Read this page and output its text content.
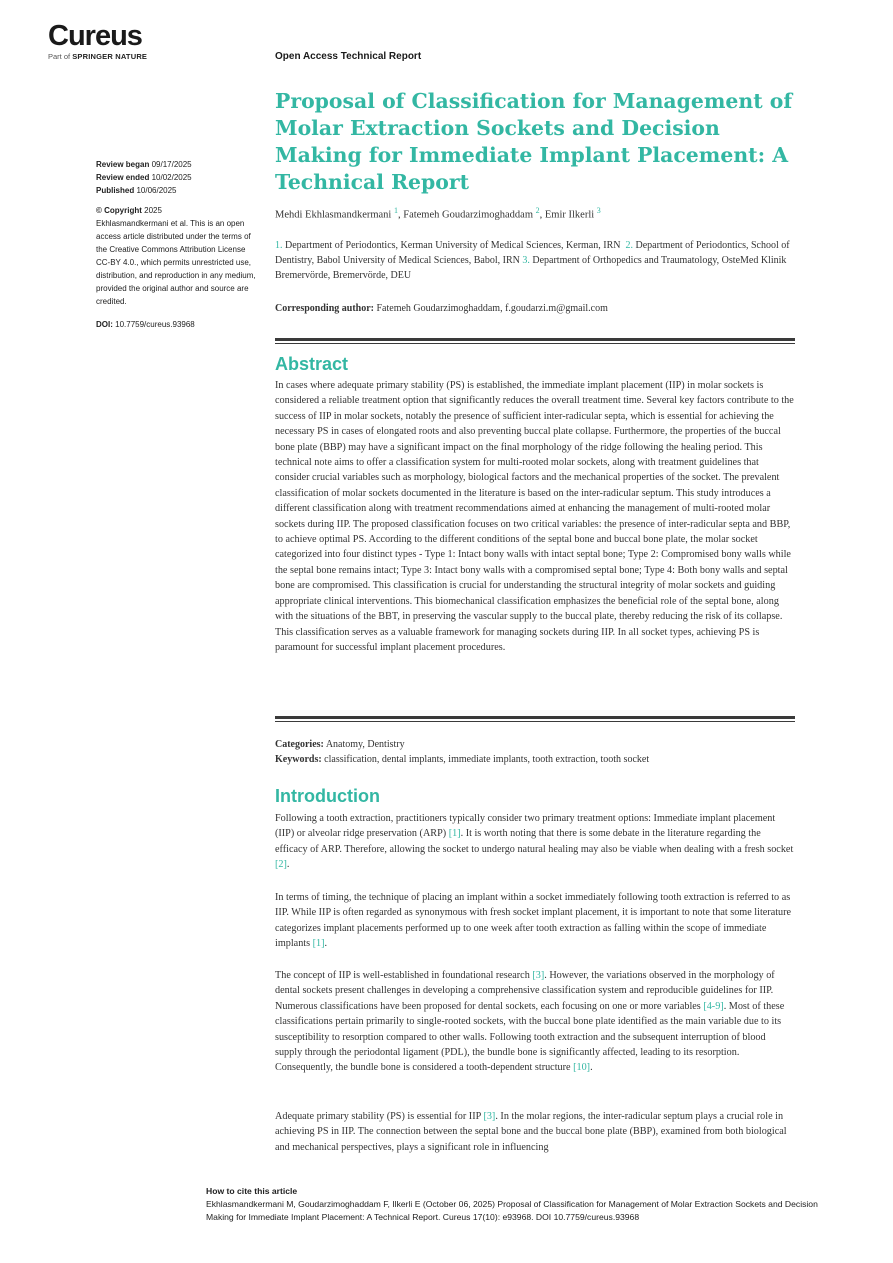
Cureus
Part of SPRINGER NATURE	Open Access Technical Report
Review began 09/17/2025
Review ended 10/02/2025
Published 10/06/2025
© Copyright 2025
Ekhlasmandkermani et al. This is an open access article distributed under the terms of the Creative Commons Attribution License CC-BY 4.0., which permits unrestricted use, distribution, and reproduction in any medium, provided the original author and source are credited.
DOI: 10.7759/cureus.93968
Proposal of Classification for Management of Molar Extraction Sockets and Decision Making for Immediate Implant Placement: A Technical Report
Mehdi Ekhlasmandkermani $^1$, Fatemeh Goudarzimoghaddam $^2$, Emir Ilkerli $^3$
1. Department of Periodontics, Kerman University of Medical Sciences, Kerman, IRN 2. Department of Periodontics, School of Dentistry, Babol University of Medical Sciences, Babol, IRN 3. Department of Orthopedics and Traumatology, OsteMed Klinik Bremervörde, Bremervörde, DEU
Corresponding author: Fatemeh Goudarzimoghaddam, f.goudarzi.m@gmail.com
Abstract

In cases where adequate primary stability (PS) is established, the immediate implant placement (IIP) in molar sockets is considered a reliable treatment option that significantly reduces the overall treatment time. Several key factors contribute to the success of IIP in molar sockets, notably the presence of sufficient inter-radicular septa, which is essential for achieving the necessary PS in cases of elongated roots and also preventing buccal plate collapse. Furthermore, the properties of the buccal bone plate (BBP) may have a significant impact on the final morphology of the ridge following the healing period. This technical note aims to offer a classification system for multi-rooted molar sockets, along with treatment guidelines that consider crucial variables such as morphology, biological factors and the mechanical properties of the socket. The prevalent classification of molar sockets documented in the literature is based on the inter-radicular septum. This study introduces a different classification along with treatment recommendations aimed at enhancing the management of multi-rooted molar sockets during IIP. The proposed classification focuses on two critical variables: the presence of inter-radicular septa and BBP, to achieve optimal PS. According to the different conditions of the septal bone and buccal bone plate, the molar socket categorized into four distinct types - Type 1: Intact bony walls with intact septal bone; Type 2: Compromised bony walls while the septal bone remains intact; Type 3: Intact bony walls with a compromised septal bone; Type 4: Both bony walls and septal bone are compromised. This classification is crucial for understanding the structural integrity of molar sockets and guiding appropriate clinical interventions. This biomechanical classification emphasizes the beneficial role of the septal bone, along with the situations of the BBT, in preserving the vascular supply to the buccal plate, thereby reducing the risk of its collapse. This classification serves as a valuable framework for managing sockets during IIP. In all socket types, achieving PS is paramount for successful implant placement procedures.

Categories: Anatomy, Dentistry
Keywords: classification, dental implants, immediate implants, tooth extraction, tooth socket
Introduction

Following a tooth extraction, practitioners typically consider two primary treatment options: Immediate implant placement (IIP) or alveolar ridge preservation (ARP) [1]. It is worth noting that there is some debate in the literature regarding the efficacy of ARP. Therefore, allowing the socket to undergo natural healing may also be viable when dealing with a fresh socket [2].

In terms of timing, the technique of placing an implant within a socket immediately following tooth extraction is referred to as IIP. While IIP is often regarded as synonymous with fresh socket implant placement, it is important to note that some literature categorizes implant placements performed up to one week after tooth extraction as falling within the scope of immediate implants [1].

The concept of IIP is well-established in foundational research [3]. However, the variations observed in the morphology of dental sockets present challenges in developing a comprehensive classification system and reproducible guidelines for IIP. Numerous classifications have been proposed for dental sockets, each focusing on one or more variables [4-9]. Most of these classifications pertain primarily to single-rooted sockets, with the buccal bone plate identified as the main variable due to its susceptibility to resorption compared to other walls. Following tooth extraction and the subsequent interruption of blood supply through the periodontal ligament (PDL), the bundle bone is significantly affected, leading to its resorption. Consequently, the bundle bone is considered a tooth-dependent structure [10].

Adequate primary stability (PS) is essential for IIP [3]. In the molar regions, the inter-radicular septum plays a crucial role in achieving PS in IIP. The connection between the septal bone and the buccal bone plate (BBP), examined from both biological and mechanical perspectives, plays a significant role in influencing

How to cite this article
Ekhlasmandkermani M, Goudarzimoghaddam F, Ilkerli E (October 06, 2025) Proposal of Classification for Management of Molar Extraction Sockets and Decision Making for Immediate Implant Placement: A Technical Report. Cureus 17(10): e93968. DOI 10.7759/cureus.93968
